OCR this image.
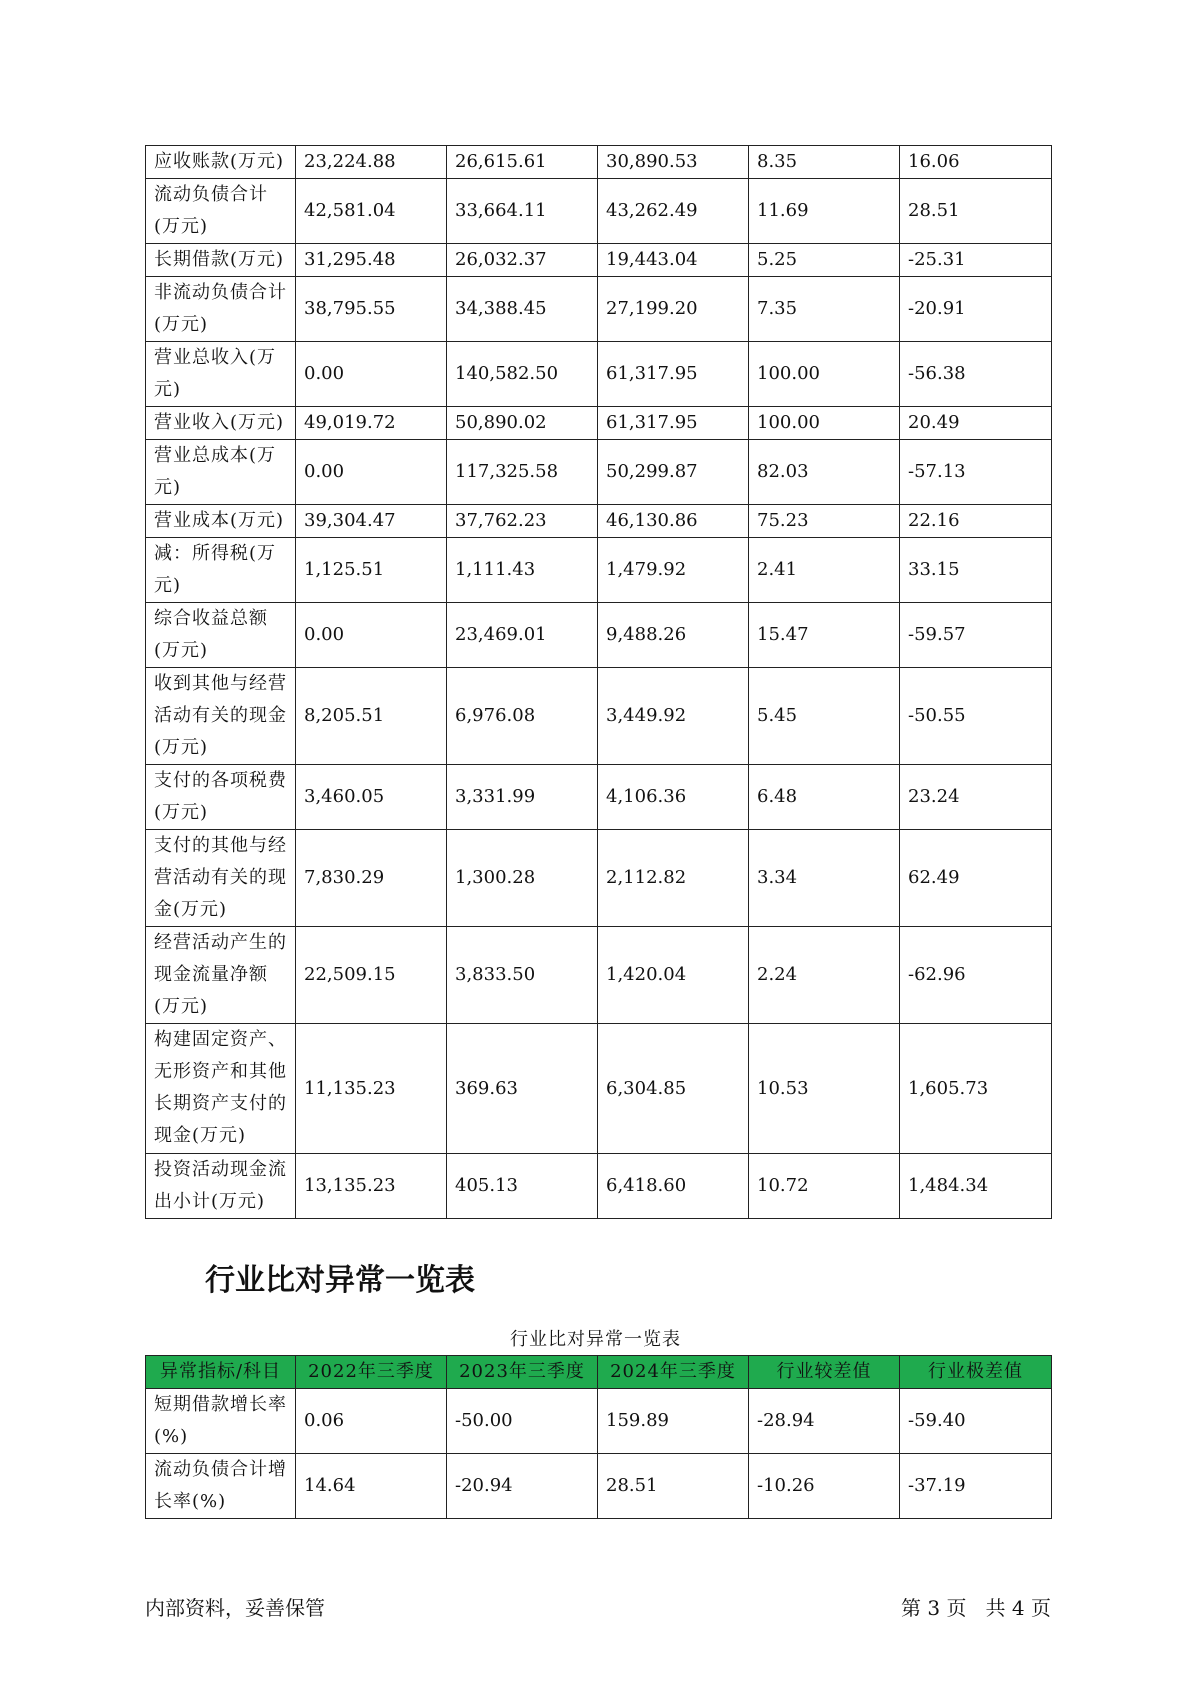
应收账款(万元)	23,224.88	26,615.61	30,890.53	8.35	16.06
流动负债合计(万元)	42,581.04	33,664.11	43,262.49	11.69	28.51
长期借款(万元)	31,295.48	26,032.37	19,443.04	5.25	-25.31
非流动负债合计(万元)	38,795.55	34,388.45	27,199.20	7.35	-20.91
营业总收入(万元)	0.00	140,582.50	61,317.95	100.00	-56.38
营业收入(万元)	49,019.72	50,890.02	61,317.95	100.00	20.49
营业总成本(万元)	0.00	117,325.58	50,299.87	82.03	-57.13
营业成本(万元)	39,304.47	37,762.23	46,130.86	75.23	22.16
减：所得税(万元)	1,125.51	1,111.43	1,479.92	2.41	33.15
综合收益总额(万元)	0.00	23,469.01	9,488.26	15.47	-59.57
收到其他与经营活动有关的现金(万元)	8,205.51	6,976.08	3,449.92	5.45	-50.55
支付的各项税费(万元)	3,460.05	3,331.99	4,106.36	6.48	23.24
支付的其他与经营活动有关的现金(万元)	7,830.29	1,300.28	2,112.82	3.34	62.49
经营活动产生的现金流量净额(万元)	22,509.15	3,833.50	1,420.04	2.24	-62.96
构建固定资产、无形资产和其他长期资产支付的现金(万元)	11,135.23	369.63	6,304.85	10.53	1,605.73
投资活动现金流出小计(万元)	13,135.23	405.13	6,418.60	10.72	1,484.34
行业比对异常一览表
行业比对异常一览表
异常指标/科目	2022年三季度	2023年三季度	2024年三季度	行业较差值	行业极差值
短期借款增长率(%)	0.06	-50.00	159.89	-28.94	-59.40
流动负债合计增长率(%)	14.64	-20.94	28.51	-10.26	-37.19
内部资料，妥善保管	第 3 页   共 4 页
